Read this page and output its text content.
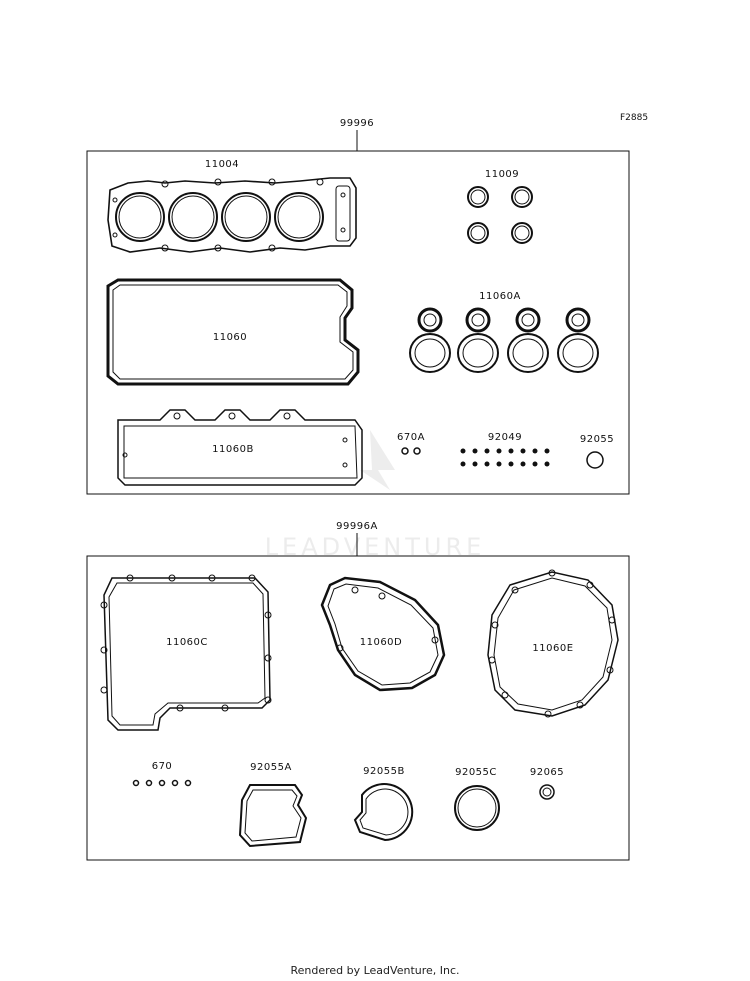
LEADVENTURE
F2885
99996
11004
11009
11060
11060A
11060B
670A	92049	92055
99996A
11060C	11060D
11060E
670	92055A	92055B	92055C	92065
Rendered by LeadVenture, Inc.
